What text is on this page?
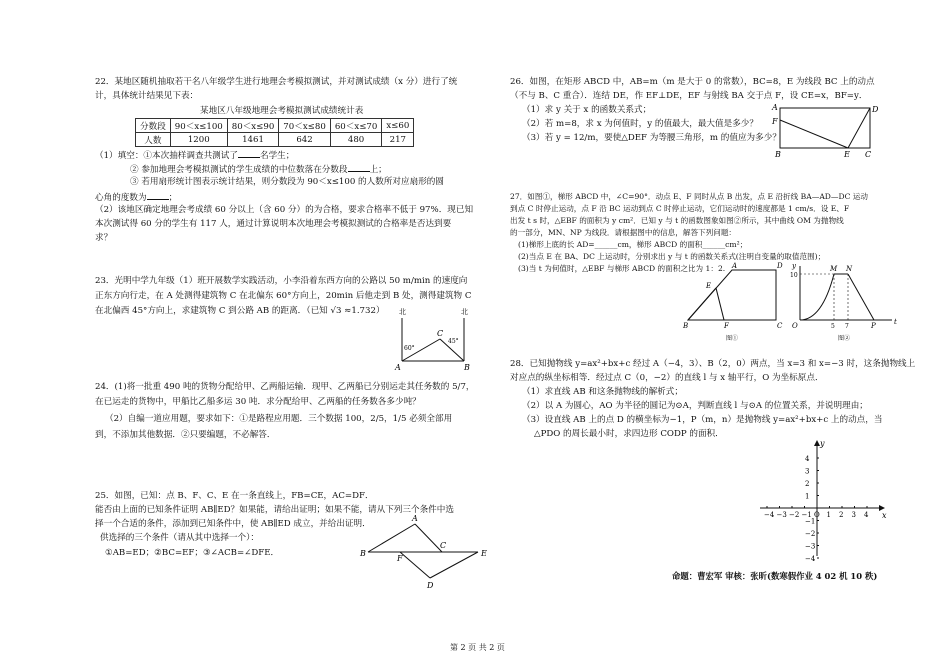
22．某地区随机抽取若干名八年级学生进行地理会考模拟测试，并对测试成绩（x 分）进行了统
计，具体统计结果见下表：
某地区八年级地理会考模拟测试成绩统计表
分数段	90＜x≤100	80＜x≤90	70＜x≤80	60＜x≤70	x≤60
人数	1200	1461	642	480	217
（1）填空：①本次抽样调查共测试了	名学生；
② 参加地理会考模拟测试的学生成绩的中位数落在分数段	上；
③ 若用扇形统计图表示统计结果，则分数段为 90＜x≤100 的人数所对应扇形的圆
心角的度数为	；
（2）该地区确定地理会考成绩 60 分以上（含 60 分）的为合格，要求合格率不低于 97%．现已知
本次测试得 60 分的学生有 117 人，通过计算说明本次地理会考模拟测试的合格率是否达到要
求？
23．光明中学九年级（1）班开展数学实践活动，小李沿着东西方向的公路以 50 m/min 的速度向
正东方向行走，在 A 处测得建筑物 C 在北偏东 60°方向上，20min 后他走到 B 处，测得建筑物 C
在北偏西 45°方向上，求建筑物 C 到公路 AB 的距离．（已知 √3 ≈1.732） 北	北
C
A	B
60°
45°
24．(1)将一批重 490 吨的货物分配给甲、乙两船运输．现甲、乙两船已分别运走其任务数的 5/7，
在已运走的货物中，甲船比乙船多运 30 吨．求分配给甲、乙两船的任务数各多少吨？
（2）自编一道应用题，要求如下：①是路程应用题．三个数据 100，2/5，1/5 必须全部用
到，不添加其他数据．②只要编题，不必解答．
25．如图，已知：点 B、F、C、E 在一条直线上，FB=CE，AC=DF．
能否由上面的已知条件证明 AB∥ED？如果能，请给出证明；如果不能，请从下列三个条件中选
择一个合适的条件，添加到已知条件中，使 AB∥ED 成立，并给出证明．
供选择的三个条件（请从其中选择一个）：
①AB=ED；②BC=EF；③∠ACB=∠DFE．
A
B
F
C
E
D
26．如图，在矩形 ABCD 中，AB=m（m 是大于 0 的常数），BC=8，E 为线段 BC 上的动点
（不与 B、C 重合）．连结 DE，作 EF⊥DE，EF 与射线 BA 交于点 F，设 CE=x，BF=y．
（1）求 y 关于 x 的函数关系式；
（2）若 m=8，求 x 为何值时，y 的值最大，最大值是多少？
（3）若 y = 12/m，要使△DEF 为等腰三角形，m 的值应为多少？
A	D
F
B	E C
27．如图①，梯形 ABCD 中，∠C=90°．动点 E、F 同时从点 B 出发，点 E 沿折线 BA—AD—DC 运动
到点 C 时停止运动，点 F 沿 BC 运动到点 C 时停止运动，它们运动时的速度都是 1 cm/s．设 E、F
出发 t s 时，△EBF 的面积为 y cm²．已知 y 与 t 的函数图象如图②所示，其中曲线 OM 为抛物线
的一部分，MN、NP 为线段．请根据图中的信息，解答下列问题：
(1)梯形上底的长 AD=______cm，梯形 ABCD 的面积______cm²；
(2)当点 E 在 BA、DC 上运动时，分别求出 y 与 t 的函数关系式(注明自变量的取值范围)；
(3)当 t 为何值时，△EBF 与梯形 ABCD 的面积之比为 1：2. A	D
E
B	F	C
图①
y
10
M N
O	5 7	P	t
图②
28．已知抛物线 y=ax²+bx+c 经过 A（−4，3）、B（2，0）两点，当 x=3 和 x=−3 时，这条抛物线上
对应点的纵坐标相等．经过点 C（0，−2）的直线 l 与 x 轴平行，O 为坐标原点．
（1）求直线 AB 和这条抛物线的解析式；
（2）以 A 为圆心，AO 为半径的圆记为⊙A，判断直线 l 与⊙A 的位置关系，并说明理由；
（3）设直线 AB 上的点 D 的横坐标为−1，P（m，n）是抛物线 y=ax²+bx+c 上的动点，当
△PDO 的周长最小时，求四边形 CODP 的面积．
x
y
−4 −3 −2 −1 O 1 2 3 4
4
3
2
1
−1
−2
−3
−4
命题：曹宏军 审核：张昕(数寒假作业 4 02 机 10 秩)
第 2 页 共 2 页
